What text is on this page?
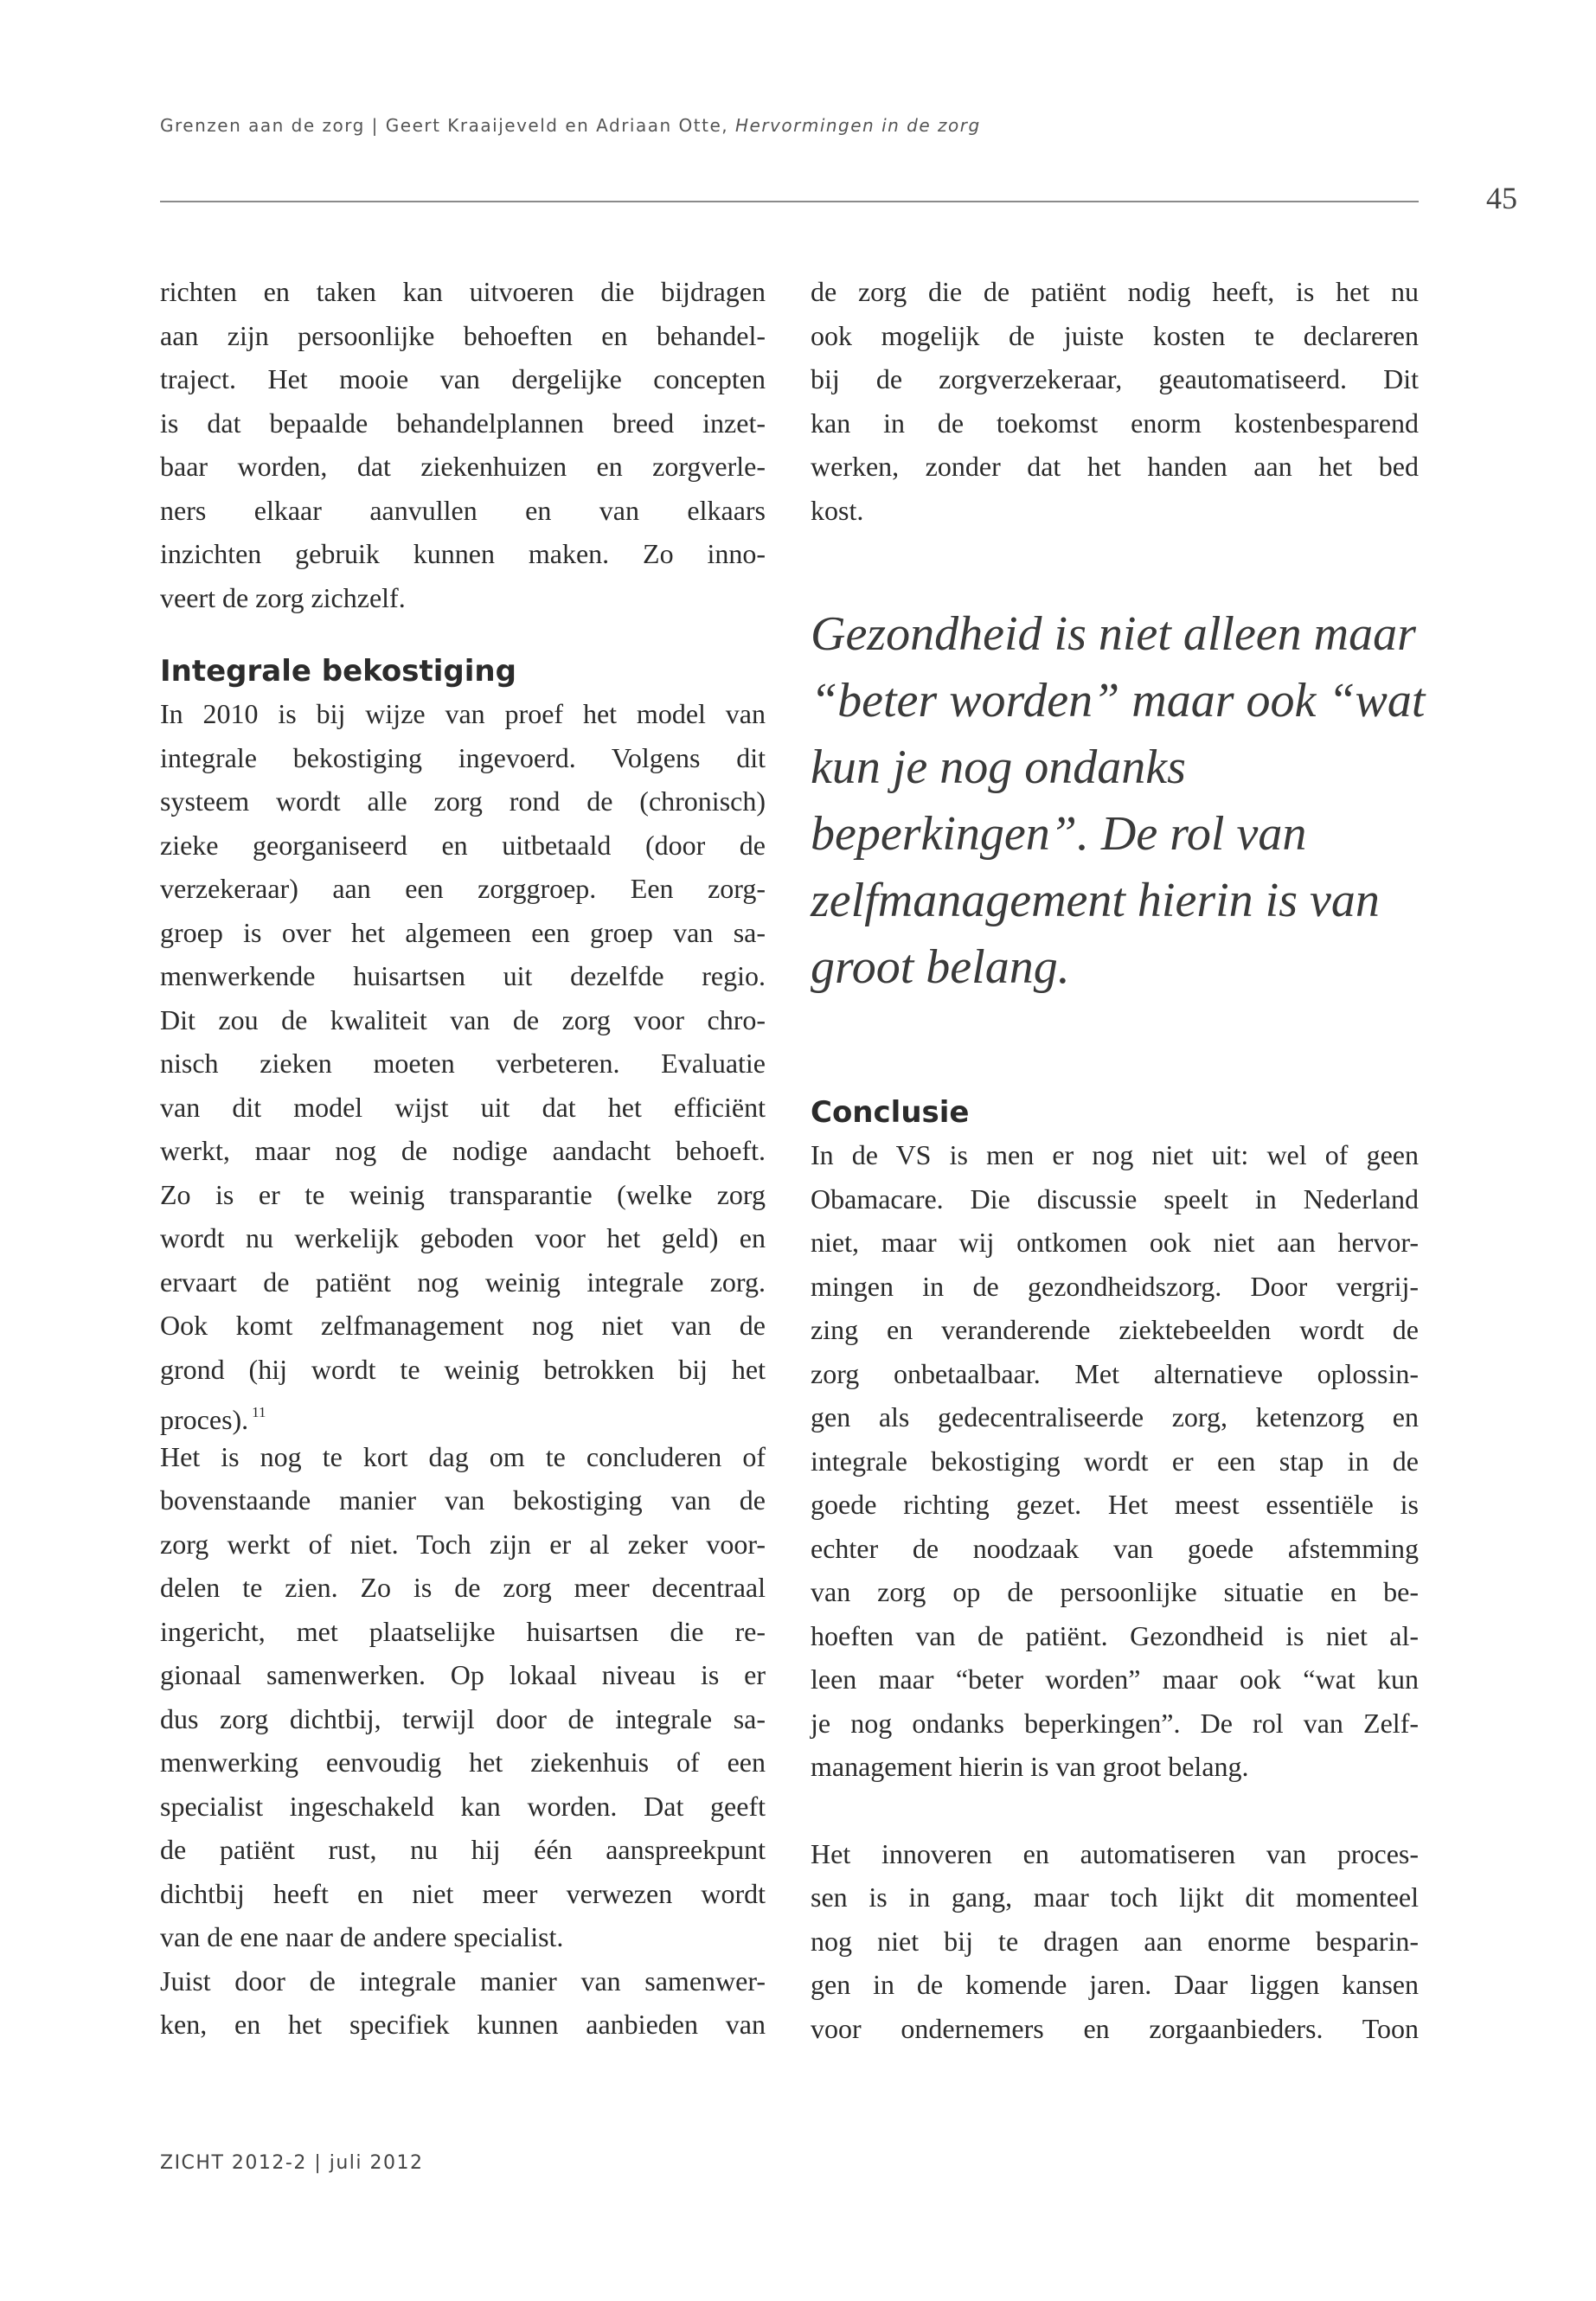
Grenzen aan de zorg | Geert Kraaijeveld en Adriaan Otte, Hervormingen in de zorg
45
richten en taken kan uitvoeren die bijdragen
aan zijn persoonlijke behoeften en behandel-
traject. Het mooie van dergelijke concepten
is dat bepaalde behandelplannen breed inzet-
baar worden, dat ziekenhuizen en zorgverle-
ners elkaar aanvullen en van elkaars
inzichten gebruik kunnen maken. Zo inno-
veert de zorg zichzelf.
Integrale bekostiging
In 2010 is bij wijze van proef het model van
integrale bekostiging ingevoerd. Volgens dit
systeem wordt alle zorg rond de (chronisch)
zieke georganiseerd en uitbetaald (door de
verzekeraar) aan een zorggroep. Een zorg-
groep is over het algemeen een groep van sa-
menwerkende huisartsen uit dezelfde regio.
Dit zou de kwaliteit van de zorg voor chro-
nisch zieken moeten verbeteren. Evaluatie
van dit model wijst uit dat het efficiënt
werkt, maar nog de nodige aandacht behoeft.
Zo is er te weinig transparantie (welke zorg
wordt nu werkelijk geboden voor het geld) en
ervaart de patiënt nog weinig integrale zorg.
Ook komt zelfmanagement nog niet van de
grond (hij wordt te weinig betrokken bij het
proces). $^{11}$
Het is nog te kort dag om te concluderen of
bovenstaande manier van bekostiging van de
zorg werkt of niet. Toch zijn er al zeker voor-
delen te zien. Zo is de zorg meer decentraal
ingericht, met plaatselijke huisartsen die re-
gionaal samenwerken. Op lokaal niveau is er
dus zorg dichtbij, terwijl door de integrale sa-
menwerking eenvoudig het ziekenhuis of een
specialist ingeschakeld kan worden. Dat geeft
de patiënt rust, nu hij één aanspreekpunt
dichtbij heeft en niet meer verwezen wordt
van de ene naar de andere specialist.
Juist door de integrale manier van samenwer-
ken, en het specifiek kunnen aanbieden van
de zorg die de patiënt nodig heeft, is het nu
ook mogelijk de juiste kosten te declareren
bij de zorgverzekeraar, geautomatiseerd. Dit
kan in de toekomst enorm kostenbesparend
werken, zonder dat het handen aan het bed
kost.
Gezondheid is niet alleen maar
“beter worden” maar ook “wat
kun je nog ondanks
beperkingen”. De rol van
zelfmanagement hierin is van
groot belang.
Conclusie
In de VS is men er nog niet uit: wel of geen
Obamacare. Die discussie speelt in Nederland
niet, maar wij ontkomen ook niet aan hervor-
mingen in de gezondheidszorg. Door vergrij-
zing en veranderende ziektebeelden wordt de
zorg onbetaalbaar. Met alternatieve oplossin-
gen als gedecentraliseerde zorg, ketenzorg en
integrale bekostiging wordt er een stap in de
goede richting gezet. Het meest essentiële is
echter de noodzaak van goede afstemming
van zorg op de persoonlijke situatie en be-
hoeften van de patiënt. Gezondheid is niet al-
leen maar “beter worden” maar ook “wat kun
je nog ondanks beperkingen”. De rol van Zelf-
management hierin is van groot belang.
Het innoveren en automatiseren van proces-
sen is in gang, maar toch lijkt dit momenteel
nog niet bij te dragen aan enorme besparin-
gen in de komende jaren. Daar liggen kansen
voor ondernemers en zorgaanbieders. Toon
ZICHT 2012-2 | juli 2012
